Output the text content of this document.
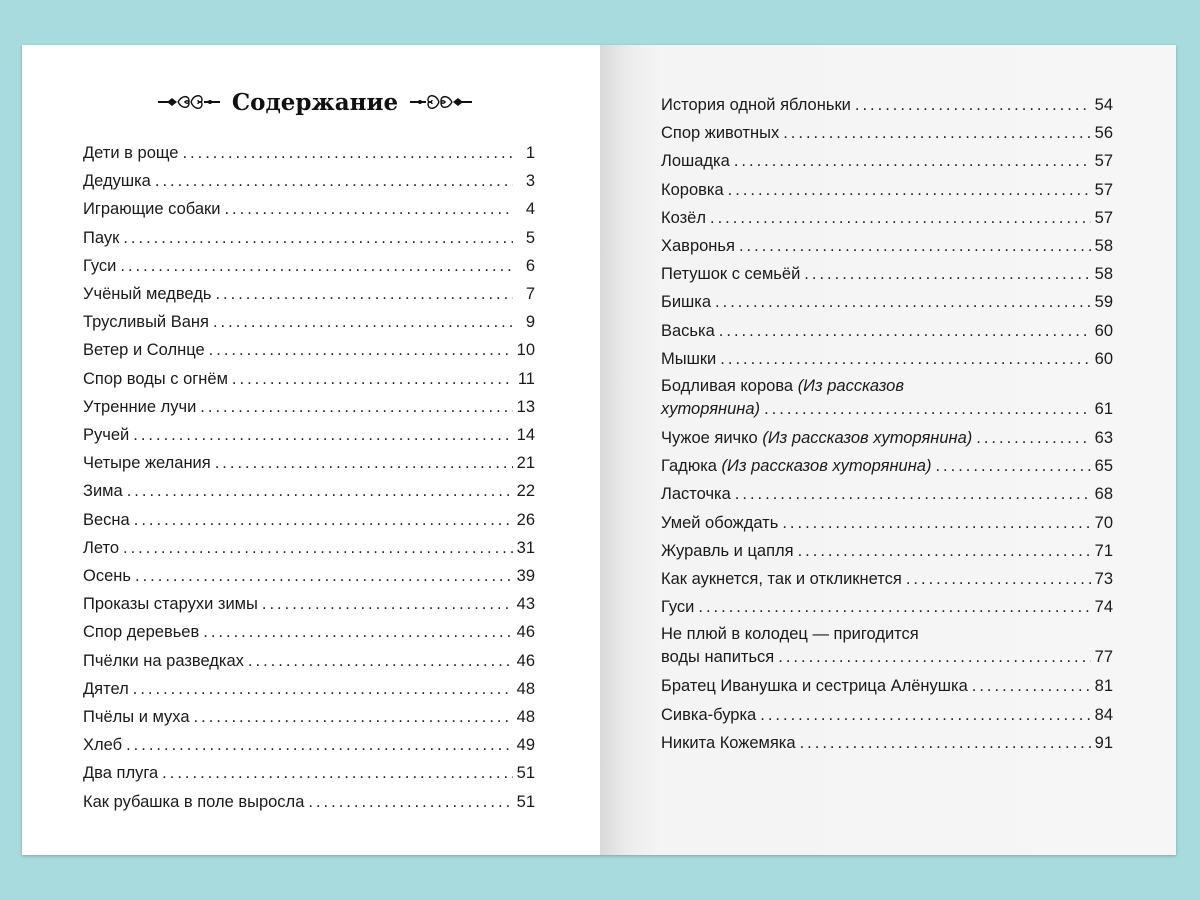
Содержание
Дети в роще .....	1
Дедушка .....	3
Играющие собаки .....	4
Паук .....	5
Гуси .....	6
Учёный медведь .....	7
Трусливый Ваня .....	9
Ветер и Солнце .....	10
Спор воды с огнём .....	11
Утренние лучи .....	13
Ручей .....	14
Четыре желания .....	21
Зима .....	22
Весна .....	26
Лето .....	31
Осень .....	39
Проказы старухи зимы .....	43
Спор деревьев .....	46
Пчёлки на разведках .....	46
Дятел .....	48
Пчёлы и муха .....	48
Хлеб .....	49
Два плуга .....	51
Как рубашка в поле выросла .....	51
История одной яблоньки .....	54
Спор животных .....	56
Лошадка .....	57
Коровка .....	57
Козёл .....	57
Хавронья .....	58
Петушок с семьёй .....	58
Бишка .....	59
Васька .....	60
Мышки .....	60
Бодливая корова (Из рассказов
хуторянина) .....	61
Чужое яичко (Из рассказов хуторянина) .....	63
Гадюка (Из рассказов хуторянина) .....	65
Ласточка .....	68
Умей обождать .....	70
Журавль и цапля .....	71
Как аукнется, так и откликнется .....	73
Гуси .....	74
Не плюй в колодец — пригодится
воды напиться .....	77
Братец Иванушка и сестрица Алёнушка .....	81
Сивка-бурка .....	84
Никита Кожемяка .....	91
